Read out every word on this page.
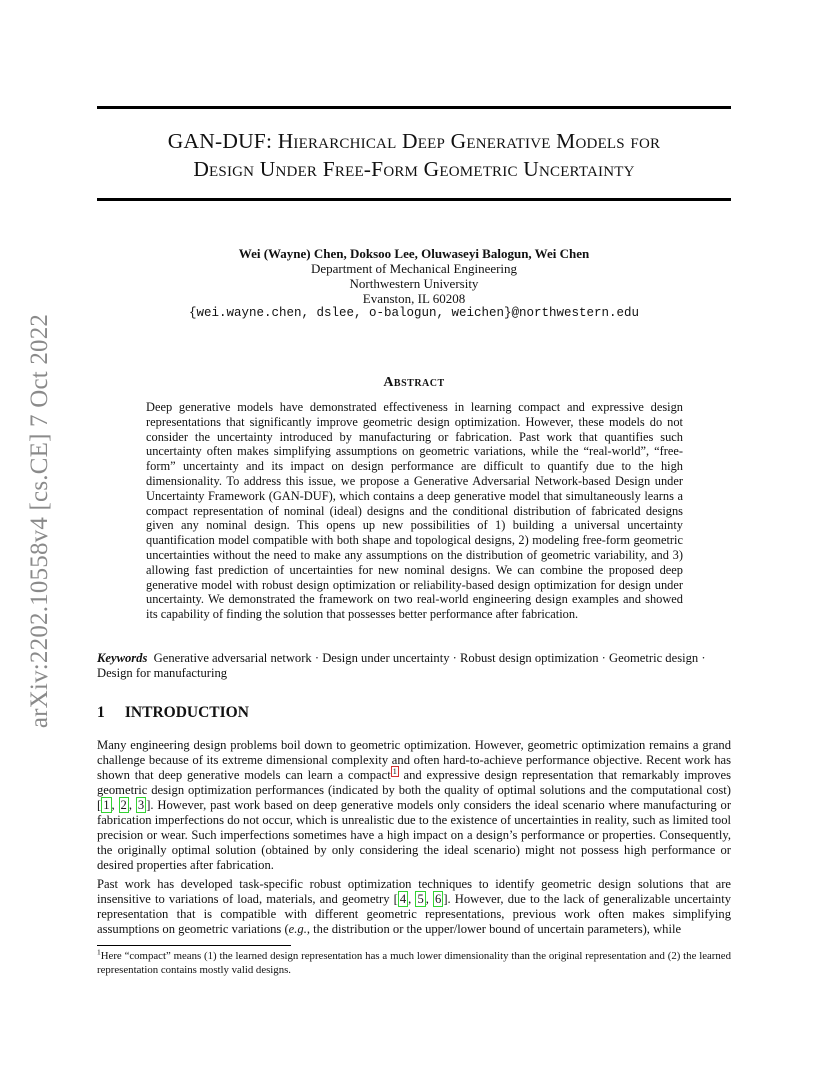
arXiv:2202.10558v4 [cs.CE] 7 Oct 2022
GAN-DUF: Hierarchical Deep Generative Models for
Design Under Free-Form Geometric Uncertainty
Wei (Wayne) Chen, Doksoo Lee, Oluwaseyi Balogun, Wei Chen
Department of Mechanical Engineering
Northwestern University
Evanston, IL 60208
{wei.wayne.chen, dslee, o-balogun, weichen}@northwestern.edu
Abstract
Deep generative models have demonstrated effectiveness in learning compact and expressive design representations that significantly improve geometric design optimization. However, these models do not consider the uncertainty introduced by manufacturing or fabrication. Past work that quantifies such uncertainty often makes simplifying assumptions on geometric variations, while the “real-world”, “free-form” uncertainty and its impact on design performance are difficult to quantify due to the high dimensionality. To address this issue, we propose a Generative Adversarial Network-based Design under Uncertainty Framework (GAN-DUF), which contains a deep generative model that simultaneously learns a compact representation of nominal (ideal) designs and the conditional distribution of fabricated designs given any nominal design. This opens up new possibilities of 1) building a universal uncertainty quantification model compatible with both shape and topological designs, 2) modeling free-form geometric uncertainties without the need to make any assumptions on the distribution of geometric variability, and 3) allowing fast prediction of uncertainties for new nominal designs. We can combine the proposed deep generative model with robust design optimization or reliability-based design optimization for design under uncertainty. We demonstrated the framework on two real-world engineering design examples and showed its capability of finding the solution that possesses better performance after fabrication.
Keywords Generative adversarial network · Design under uncertainty · Robust design optimization · Geometric design · Design for manufacturing
1 INTRODUCTION
Many engineering design problems boil down to geometric optimization. However, geometric optimization remains a grand challenge because of its extreme dimensional complexity and often hard-to-achieve performance objective. Recent work has shown that deep generative models can learn a compact $^1$ and expressive design representation that remarkably improves geometric design optimization performances (indicated by both the quality of optimal solutions and the computational cost) [ 1 , 2 , 3 ]. However, past work based on deep generative models only considers the ideal scenario where manufacturing or fabrication imperfections do not occur, which is unrealistic due to the existence of uncertainties in reality, such as limited tool precision or wear. Such imperfections sometimes have a high impact on a design’s performance or properties. Consequently, the originally optimal solution (obtained by only considering the ideal scenario) might not possess high performance or desired properties after fabrication.
Past work has developed task-specific robust optimization techniques to identify geometric design solutions that are insensitive to variations of load, materials, and geometry [ 4 , 5 , 6 ]. However, due to the lack of generalizable uncertainty representation that is compatible with different geometric representations, previous work often makes simplifying assumptions on geometric variations (e.g., the distribution or the upper/lower bound of uncertain parameters), while
$^1$Here “compact” means (1) the learned design representation has a much lower dimensionality than the original representation and (2) the learned representation contains mostly valid designs.
